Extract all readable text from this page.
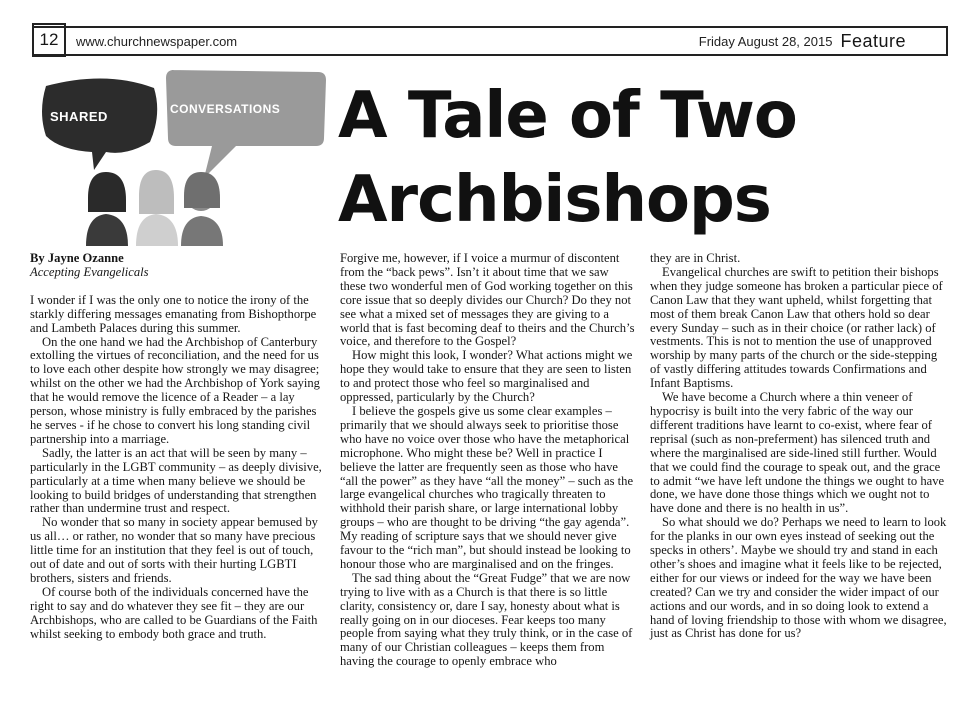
12	www.churchnewspaper.com	Friday August 28, 2015 Feature
SHARED	CONVERSATIONS A Tale of Two
Archbishops
By Jayne Ozanne
Accepting Evangelicals

I wonder if I was the only one to notice the irony of the starkly differing messages emanating from Bishopthorpe and Lambeth Palaces during this summer.

On the one hand we had the Archbishop of Canterbury extolling the virtues of reconciliation, and the need for us to love each other despite how strongly we may disagree; whilst on the other we had the Archbishop of York saying that he would remove the licence of a Reader – a lay person, whose ministry is fully embraced by the parishes he serves - if he chose to convert his long standing civil partnership into a marriage.

Sadly, the latter is an act that will be seen by many – particularly in the LGBT community – as deeply divisive, particularly at a time when many believe we should be looking to build bridges of understanding that strengthen rather than undermine trust and respect.

No wonder that so many in society appear bemused by us all… or rather, no wonder that so many have precious little time for an institution that they feel is out of touch, out of date and out of sorts with their hurting LGBTI brothers, sisters and friends.

Of course both of the individuals concerned have the right to say and do whatever they see fit – they are our Archbishops, who are called to be Guardians of the Faith whilst seeking to embody both grace and truth.

Forgive me, however, if I voice a murmur of discontent from the “back pews”. Isn’t it about time that we saw these two wonderful men of God working together on this core issue that so deeply divides our Church? Do they not see what a mixed set of messages they are giving to a world that is fast becoming deaf to theirs and the Church’s voice, and therefore to the Gospel?

How might this look, I wonder? What actions might we hope they would take to ensure that they are seen to listen to and protect those who feel so marginalised and oppressed, particularly by the Church?

I believe the gospels give us some clear examples – primarily that we should always seek to prioritise those who have no voice over those who have the metaphorical microphone. Who might these be? Well in practice I believe the latter are frequently seen as those who have “all the power” as they have “all the money” – such as the large evangelical churches who tragically threaten to withhold their parish share, or large international lobby groups – who are thought to be driving “the gay agenda”. My reading of scripture says that we should never give favour to the “rich man”, but should instead be looking to honour those who are marginalised and on the fringes.

The sad thing about the “Great Fudge” that we are now trying to live with as a Church is that there is so little clarity, consistency or, dare I say, honesty about what is really going on in our dioceses. Fear keeps too many people from saying what they truly think, or in the case of many of our Christian colleagues – keeps them from having the courage to openly embrace who

they are in Christ.

Evangelical churches are swift to petition their bishops when they judge someone has broken a particular piece of Canon Law that they want upheld, whilst forgetting that most of them break Canon Law that others hold so dear every Sunday – such as in their choice (or rather lack) of vestments. This is not to mention the use of unapproved worship by many parts of the church or the side-stepping of vastly differing attitudes towards Confirmations and Infant Baptisms.

We have become a Church where a thin veneer of hypocrisy is built into the very fabric of the way our different traditions have learnt to co-exist, where fear of reprisal (such as non-preferment) has silenced truth and where the marginalised are side-lined still further. Would that we could find the courage to speak out, and the grace to admit “we have left undone the things we ought to have done, we have done those things which we ought not to have done and there is no health in us”.

So what should we do? Perhaps we need to learn to look for the planks in our own eyes instead of seeking out the specks in others’. Maybe we should try and stand in each other’s shoes and imagine what it feels like to be rejected, either for our views or indeed for the way we have been created? Can we try and consider the wider impact of our actions and our words, and in so doing look to extend a hand of loving friendship to those with whom we disagree, just as Christ has done for us?
